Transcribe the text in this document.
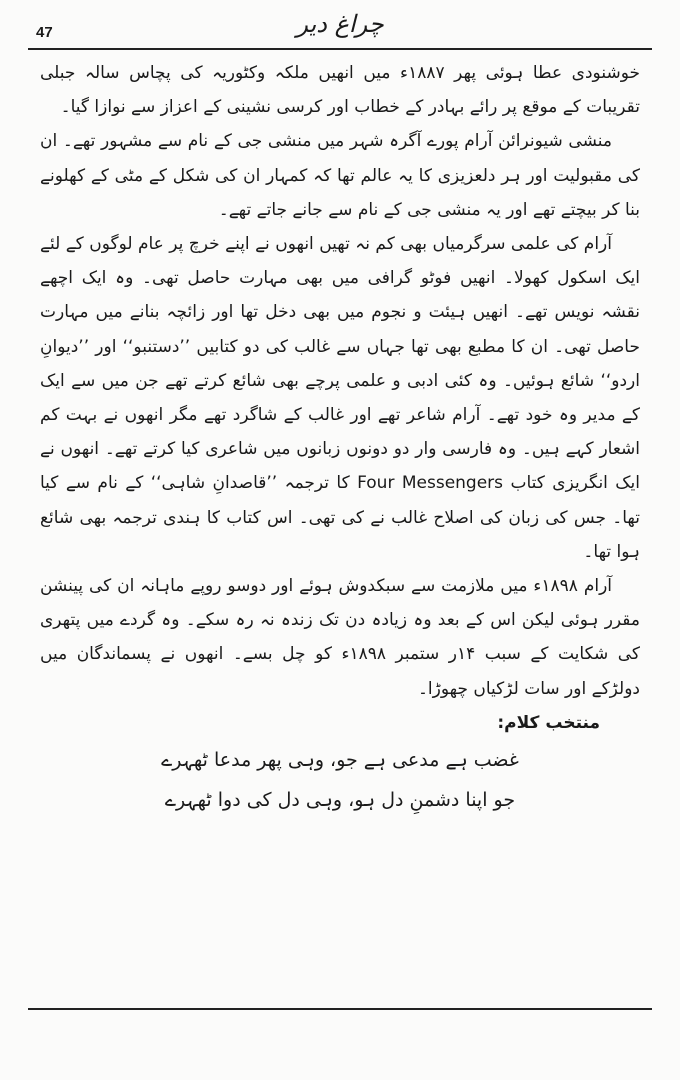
47	چراغ دیر

خوشنودی عطا ہوئی پھر ۱۸۸۷ء میں انھیں ملکہ وکٹوریہ کی پچاس سالہ جبلی تقریبات کے موقع پر رائے بہادر کے خطاب اور کرسی نشینی کے اعزاز سے نوازا گیا۔

منشی شیونرائن آرام پورے آگرہ شہر میں منشی جی کے نام سے مشہور تھے۔ ان کی مقبولیت اور ہر دلعزیزی کا یہ عالم تھا کہ کمہار ان کی شکل کے مٹی کے کھلونے بنا کر بیچتے تھے اور یہ منشی جی کے نام سے جانے جاتے تھے۔

آرام کی علمی سرگرمیاں بھی کم نہ تھیں انھوں نے اپنے خرچ پر عام لوگوں کے لئے ایک اسکول کھولا۔ انھیں فوٹو گرافی میں بھی مہارت حاصل تھی۔ وہ ایک اچھے نقشہ نویس تھے۔ انھیں ہیئت و نجوم میں بھی دخل تھا اور زائچہ بنانے میں مہارت حاصل تھی۔ ان کا مطبع بھی تھا جہاں سے غالب کی دو کتابیں ’’دستنبو‘‘ اور ’’دیوانِ اردو‘‘ شائع ہوئیں۔ وہ کئی ادبی و علمی پرچے بھی شائع کرتے تھے جن میں سے ایک کے مدیر وہ خود تھے۔ آرام شاعر تھے اور غالب کے شاگرد تھے مگر انھوں نے بہت کم اشعار کہے ہیں۔ وہ فارسی وار دو دونوں زبانوں میں شاعری کیا کرتے تھے۔ انھوں نے ایک انگریزی کتاب Four Messengers کا ترجمہ ’’قاصدانِ شاہی‘‘ کے نام سے کیا تھا۔ جس کی زبان کی اصلاح غالب نے کی تھی۔ اس کتاب کا ہندی ترجمہ بھی شائع ہوا تھا۔

آرام ۱۸۹۸ء میں ملازمت سے سبکدوش ہوئے اور دوسو روپے ماہانہ ان کی پینشن مقرر ہوئی لیکن اس کے بعد وہ زیادہ دن تک زندہ نہ رہ سکے۔ وہ گردے میں پتھری کی شکایت کے سبب ۱۴ر ستمبر ۱۸۹۸ء کو چل بسے۔ انھوں نے پسماندگان میں دولڑکے اور سات لڑکیاں چھوڑا۔

منتخب کلام:

غضب ہے مدعی ہے جو، وہی پھر مدعا ٹھہرے

جو اپنا دشمنِ دل ہو، وہی دل کی دوا ٹھہرے
